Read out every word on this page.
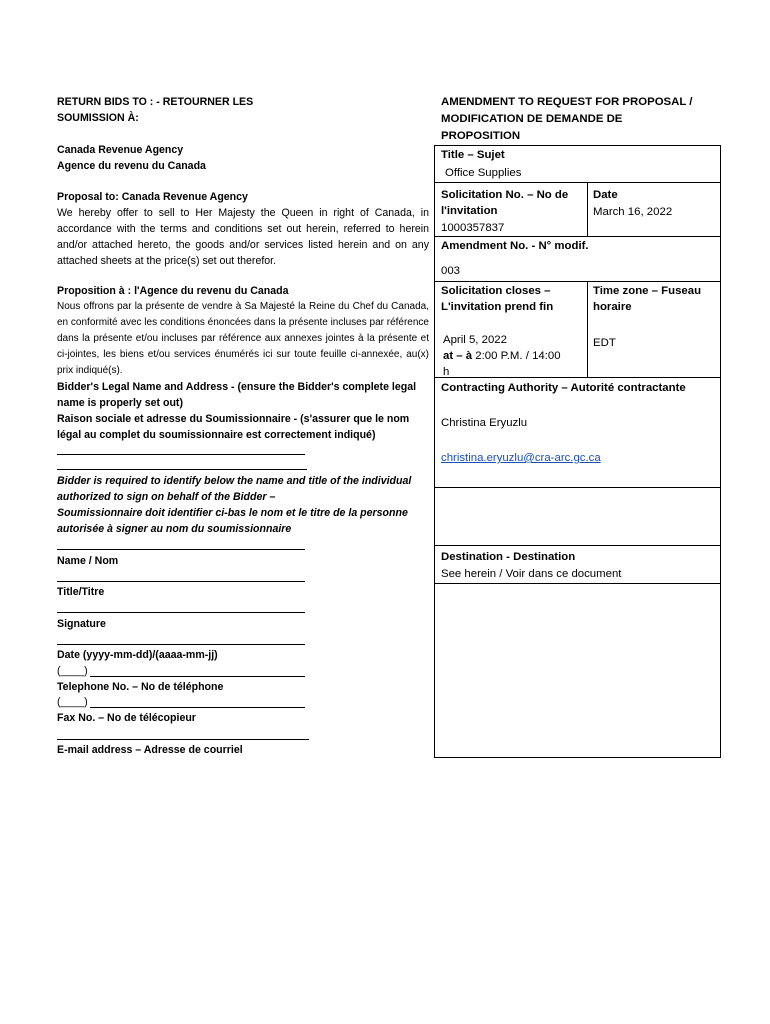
RETURN BIDS TO : - RETOURNER LES
SOUMISSION À:
Canada Revenue Agency
Agence du revenu du Canada
Proposal to: Canada Revenue Agency
We hereby offer to sell to Her Majesty the Queen in right of Canada, in accordance with the terms and conditions set out herein, referred to herein and/or attached hereto, the goods and/or services listed herein and on any attached sheets at the price(s) set out therefor.
Proposition à : l'Agence du revenu du Canada
Nous offrons par la présente de vendre à Sa Majesté la Reine du Chef du Canada, en conformité avec les conditions énoncées dans la présente incluses par référence dans la présente et/ou incluses par référence aux annexes jointes à la présente et ci-jointes, les biens et/ou services énumérés ici sur toute feuille ci-annexée, au(x) prix indiqué(s).
Bidder's Legal Name and Address - (ensure the Bidder's complete legal name is properly set out)
Raison sociale et adresse du Soumissionnaire - (s'assurer que le nom légal au complet du soumissionnaire est correctement indiqué)
Bidder is required to identify below the name and title of the individual authorized to sign on behalf of the Bidder –
Soumissionnaire doit identifier ci-bas le nom et le titre de la personne autorisée à signer au nom du soumissionnaire
Name / Nom
Title/Titre
Signature
Date (yyyy-mm-dd)/(aaaa-mm-jj)
(____)
Telephone No. – No de téléphone
(____)
Fax No. – No de télécopieur
E-mail address – Adresse de courriel
AMENDMENT TO REQUEST FOR PROPOSAL /
MODIFICATION DE DEMANDE DE
PROPOSITION
Title – Sujet
Office Supplies
Solicitation No. – No de
l'invitation
1000357837
Date
March 16, 2022
Amendment No. - N° modif.
003
Solicitation closes –
L'invitation prend fin
April 5, 2022
at – à 2:00 P.M. / 14:00
h
Time zone – Fuseau
horaire
EDT
Contracting Authority – Autorité contractante
Christina Eryuzlu
christina.eryuzlu@cra-arc.gc.ca
Destination - Destination
See herein / Voir dans ce document
